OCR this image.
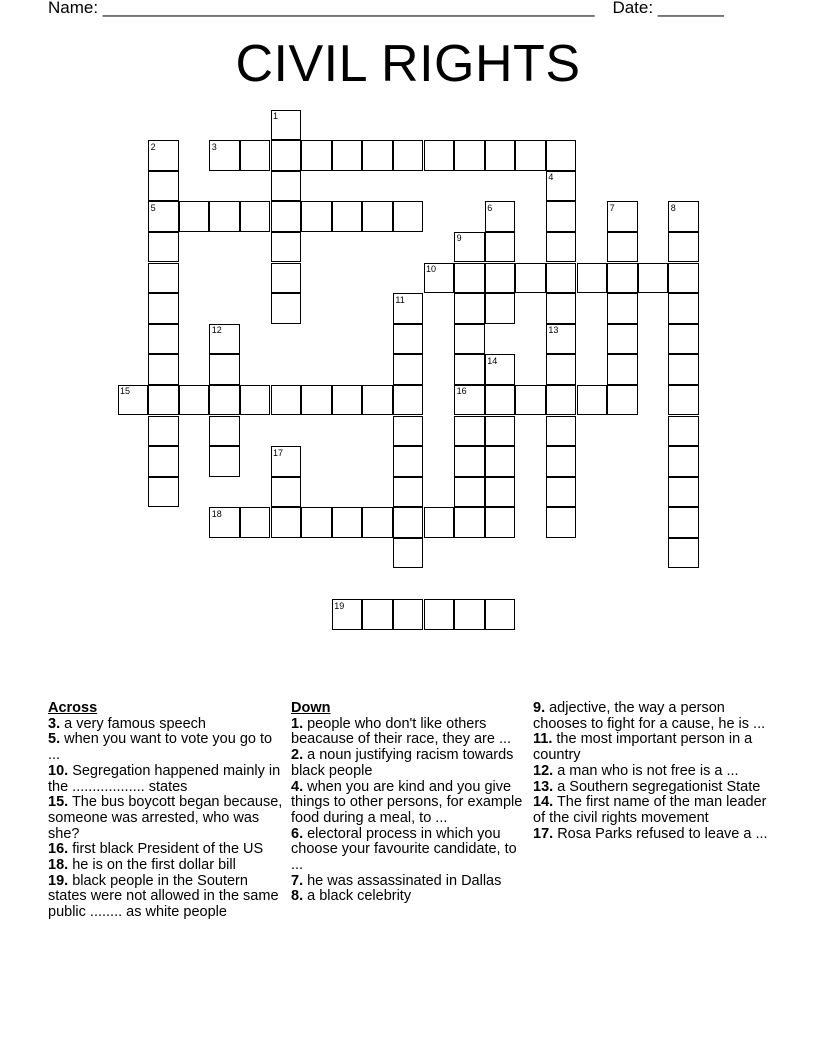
Name: ____________________________________________________ Date: _______
CIVIL RIGHTS
1
2	3
4
5	6	7	8
9
10
11
12	13
14
15	16
17
18
19
Across
3. a very famous speech
5. when you want to vote you go to ...
10. Segregation happened mainly in the .................. states
15. The bus boycott began because, someone was arrested, who was she?
16. first black President of the US
18. he is on the first dollar bill
19. black people in the Soutern states were not allowed in the same public ........ as white people
Down
1. people who don't like others beacause of their race, they are ...
2. a noun justifying racism towards black people
4. when you are kind and you give things to other persons, for example food during a meal, to ...
6. electoral process in which you choose your favourite candidate, to ...
7. he was assassinated in Dallas
8. a black celebrity
9. adjective, the way a person chooses to fight for a cause, he is ...
11. the most important person in a country
12. a man who is not free is a ...
13. a Southern segregationist State
14. The first name of the man leader of the civil rights movement
17. Rosa Parks refused to leave a ...
